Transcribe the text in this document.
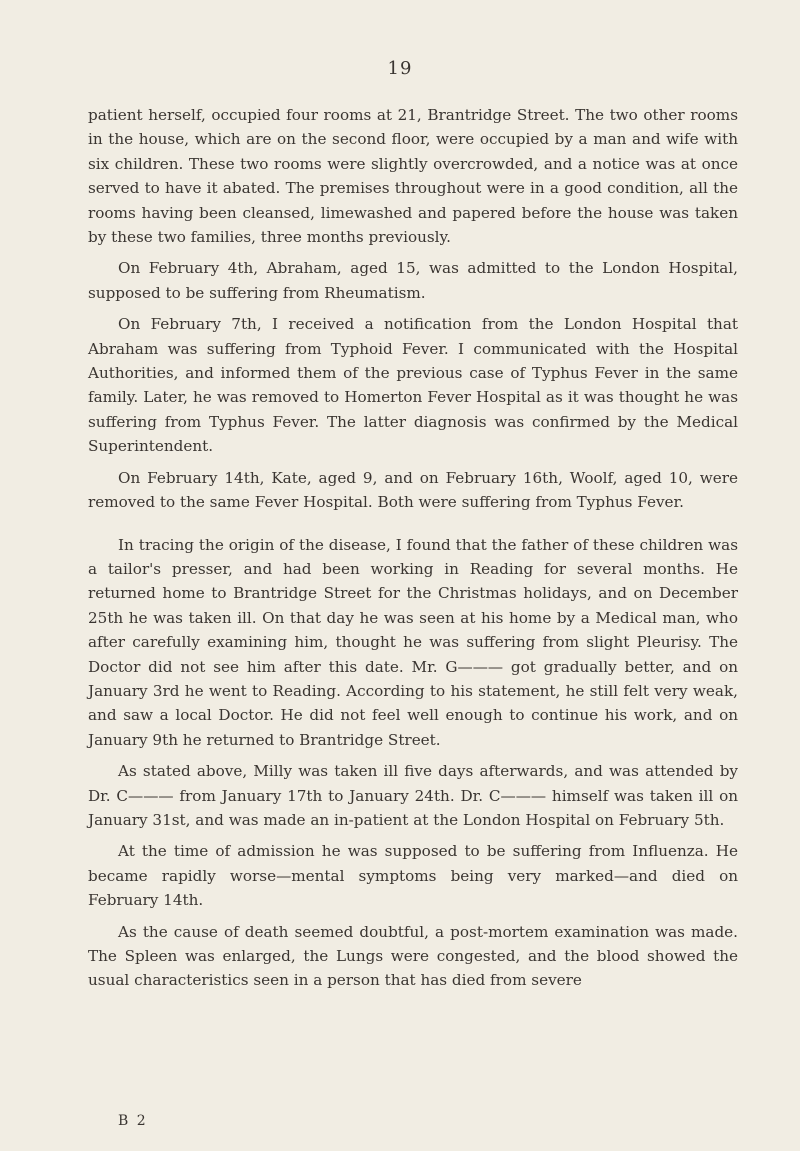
19

patient herself, occupied four rooms at 21, Brantridge Street. The two other rooms in the house, which are on the second floor, were occupied by a man and wife with six children. These two rooms were slightly overcrowded, and a notice was at once served to have it abated. The premises throughout were in a good condition, all the rooms having been cleansed, limewashed and papered before the house was taken by these two families, three months previously.

On February 4th, Abraham, aged 15, was admitted to the London Hospital, supposed to be suffering from Rheumatism.

On February 7th, I received a notification from the London Hospital that Abraham was suffering from Typhoid Fever. I communicated with the Hospital Authorities, and informed them of the previous case of Typhus Fever in the same family. Later, he was removed to Homerton Fever Hospital as it was thought he was suffering from Typhus Fever. The latter diagnosis was confirmed by the Medical Superintendent.

On February 14th, Kate, aged 9, and on February 16th, Woolf, aged 10, were removed to the same Fever Hospital. Both were suffering from Typhus Fever.

In tracing the origin of the disease, I found that the father of these children was a tailor's presser, and had been working in Reading for several months. He returned home to Brantridge Street for the Christmas holidays, and on December 25th he was taken ill. On that day he was seen at his home by a Medical man, who after carefully examining him, thought he was suffering from slight Pleurisy. The Doctor did not see him after this date. Mr. G——— got gradually better, and on January 3rd he went to Reading. According to his statement, he still felt very weak, and saw a local Doctor. He did not feel well enough to continue his work, and on January 9th he returned to Brantridge Street.

As stated above, Milly was taken ill five days afterwards, and was attended by Dr. C——— from January 17th to January 24th. Dr. C——— himself was taken ill on January 31st, and was made an in-patient at the London Hospital on February 5th.

At the time of admission he was supposed to be suffering from Influenza. He became rapidly worse—mental symptoms being very marked—and died on February 14th.

As the cause of death seemed doubtful, a post-mortem examination was made. The Spleen was enlarged, the Lungs were congested, and the blood showed the usual characteristics seen in a person that has died from severe

B 2
